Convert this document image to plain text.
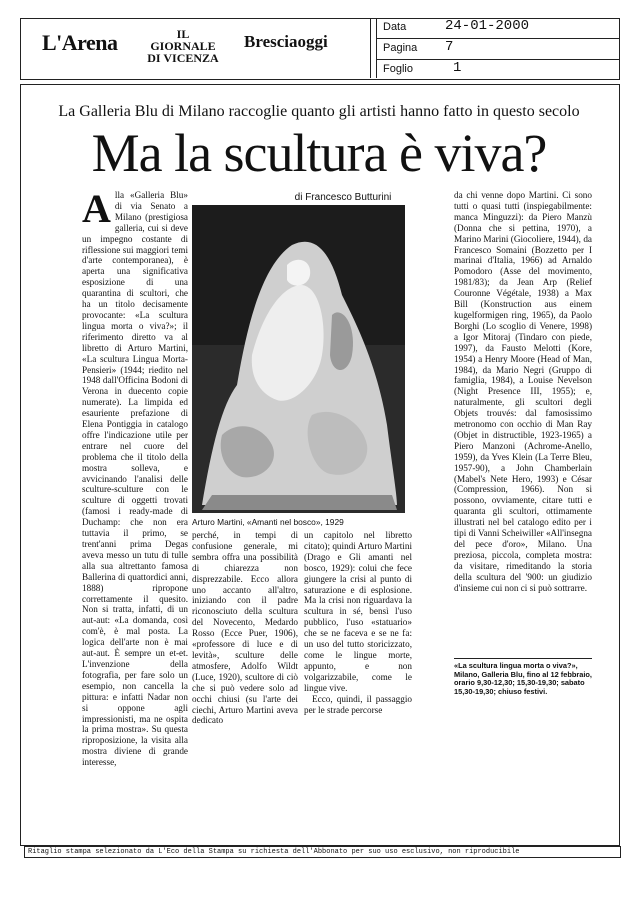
L'Arena	IL GIORNALE DI VICENZA
Bresciaoggi
Data	24-01-2000
Pagina 7
Foglio	1
La Galleria Blu di Milano raccoglie quanto gli artisti hanno fatto in questo secolo
Ma la scultura è viva?
di Francesco Butturini
A lla «Galleria Blu» di via Senato a Milano (prestigiosa galleria, cui si deve un impegno costante di riflessione sui maggiori temi d'arte contemporanea), è aperta una significativa esposizione di una quarantina di scultori, che ha un titolo decisamente provocante: «La scultura lingua morta o viva?»; il riferimento diretto va al libretto di Arturo Martini, «La scultura Lingua Morta-Pensieri» (1944; riedito nel 1948 dall'Officina Bodoni di Verona in duecento copie numerate). La limpida ed esauriente prefazione di Elena Pontiggia in catalogo offre l'indicazione utile per entrare nel cuore del problema che il titolo della mostra solleva, e avvicinando l'analisi delle sculture-sculture con le sculture di oggetti trovati (famosi i ready-made di Duchamp: che non era tuttavia il primo, se trent'anni prima Degas aveva messo un tutu di tulle alla sua altrettanto famosa Ballerina di quattordici anni, 1888) ripropone correttamente il quesito. Non si tratta, infatti, di un aut-aut: «La domanda, così com'è, è mal posta. La logica dell'arte non è mai aut-aut. È sempre un et-et. L'invenzione della fotografia, per fare solo un esempio, non cancella la pittura: e infatti Nadar non si oppone agli impressionisti, ma ne ospita la prima mostra». Su questa riproposizione, la visita alla mostra diviene di grande interesse,
Arturo Martini, «Amanti nel bosco», 1929
perché, in tempi di confusione generale, mi sembra offra una possibilità di chiarezza non disprezzabile. Ecco allora uno accanto all'altro, iniziando con il padre riconosciuto della scultura del Novecento, Medardo Rosso (Ecce Puer, 1906), «professore di luce e di levità», sculture delle atmosfere, Adolfo Wildt (Luce, 1920), scultore di ciò che si può vedere solo ad occhi chiusi (su l'arte dei ciechi, Arturo Martini aveva dedicato

un capitolo nel libretto citato); quindi Arturo Martini (Drago e Gli amanti nel bosco, 1929): colui che fece giungere la crisi al punto di saturazione e di esplosione. Ma la crisi non riguardava la scultura in sé, bensì l'uso pubblico, l'uso «statuario» che se ne faceva e se ne fa: un uso del tutto storicizzato, come le lingue morte, appunto, e non volgarizzabile, come le lingue vive.

Ecco, quindi, il passaggio per le strade percorse

da chi venne dopo Martini. Ci sono tutti o quasi tutti (inspiegabilmente: manca Minguzzi): da Piero Manzù (Donna che si pettina, 1970), a Marino Marini (Giocoliere, 1944), da Francesco Somaini (Bozzetto per I marinai d'Italia, 1966) ad Arnaldo Pomodoro (Asse del movimento, 1981/83); da Jean Arp (Relief Couronne Végétale, 1938) a Max Bill (Konstruction aus einem kugelformigen ring, 1965), da Paolo Borghi (Lo scoglio di Venere, 1998) a Igor Mitoraj (Tindaro con piede, 1997), da Fausto Melotti (Kore, 1954) a Henry Moore (Head of Man, 1984), da Mario Negri (Gruppo di famiglia, 1984), a Louise Nevelson (Night Presence III, 1955); e, naturalmente, gli scultori degli Objets trouvés: dal famosissimo metronomo con occhio di Man Ray (Objet in distructible, 1923-1965) a Piero Manzoni (Achrome-Anello, 1959), da Yves Klein (La Terre Bleu, 1957-90), a John Chamberlain (Mabel's Nete Hero, 1993) e César (Compression, 1966). Non si possono, ovviamente, citare tutti e quaranta gli scultori, ottimamente illustrati nel bel catalogo edito per i tipi di Vanni Scheiwiller «All'insegna del pece d'oro», Milano. Una preziosa, piccola, completa mostra: da visitare, rimeditando la storia della scultura del '900: un giudizio d'insieme cui non ci si può sottrarre.
«La scultura lingua morta o viva?», Milano, Galleria Blu, fino al 12 febbraio, orario 9,30-12,30; 15,30-19,30; sabato 15,30-19,30; chiuso festivi.
Ritaglio stampa selezionato da L'Eco della Stampa su richiesta dell'Abbonato per suo uso esclusivo, non riproducibile
